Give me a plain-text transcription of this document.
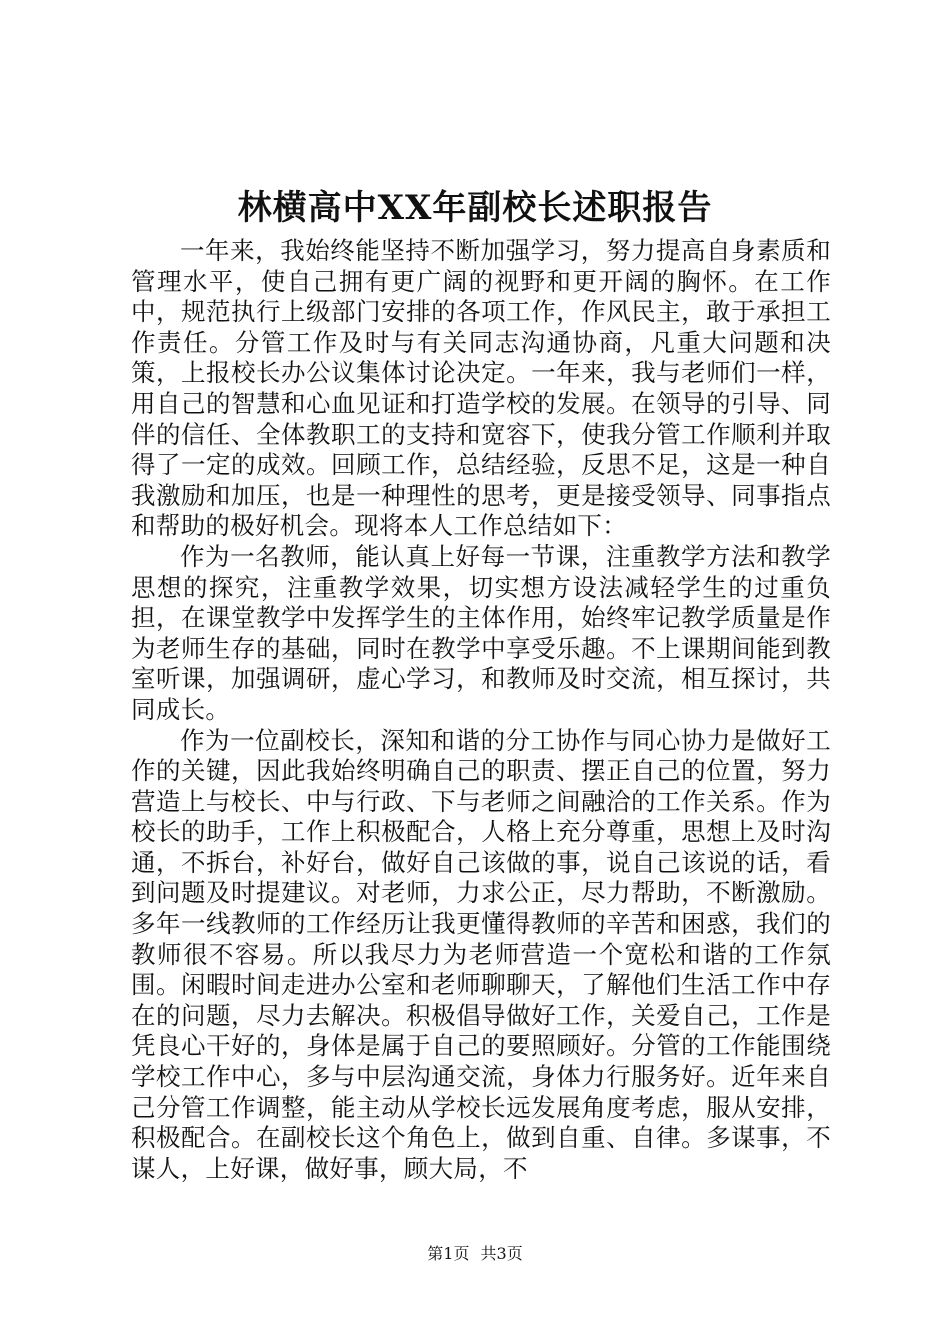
林横高中XX年副校长述职报告

一年来，我始终能坚持不断加强学习，努力提高自身素质和管理水平，使自己拥有更广阔的视野和更开阔的胸怀。在工作中，规范执行上级部门安排的各项工作，作风民主，敢于承担工作责任。分管工作及时与有关同志沟通协商，凡重大问题和决策，上报校长办公议集体讨论决定。一年来，我与老师们一样，用自己的智慧和心血见证和打造学校的发展。在领导的引导、同伴的信任、全体教职工的支持和宽容下，使我分管工作顺利并取得了一定的成效。回顾工作，总结经验，反思不足，这是一种自我激励和加压，也是一种理性的思考，更是接受领导、同事指点和帮助的极好机会。现将本人工作总结如下：

作为一名教师，能认真上好每一节课，注重教学方法和教学思想的探究，注重教学效果，切实想方设法减轻学生的过重负担，在课堂教学中发挥学生的主体作用，始终牢记教学质量是作为老师生存的基础，同时在教学中享受乐趣。不上课期间能到教室听课，加强调研，虚心学习，和教师及时交流，相互探讨，共同成长。

作为一位副校长，深知和谐的分工协作与同心协力是做好工作的关键，因此我始终明确自己的职责、摆正自己的位置，努力营造上与校长、中与行政、下与老师之间融洽的工作关系。作为校长的助手，工作上积极配合，人格上充分尊重，思想上及时沟通，不拆台，补好台，做好自己该做的事，说自己该说的话，看到问题及时提建议。对老师，力求公正，尽力帮助，不断激励。多年一线教师的工作经历让我更懂得教师的辛苦和困惑，我们的教师很不容易。所以我尽力为老师营造一个宽松和谐的工作氛围。闲暇时间走进办公室和老师聊聊天，了解他们生活工作中存在的问题，尽力去解决。积极倡导做好工作，关爱自己，工作是凭良心干好的，身体是属于自己的要照顾好。分管的工作能围绕学校工作中心，多与中层沟通交流，身体力行服务好。近年来自己分管工作调整，能主动从学校长远发展角度考虑，服从安排，积极配合。在副校长这个角色上，做到自重、自律。多谋事，不谋人，上好课，做好事，顾大局，不

第1页 共3页
